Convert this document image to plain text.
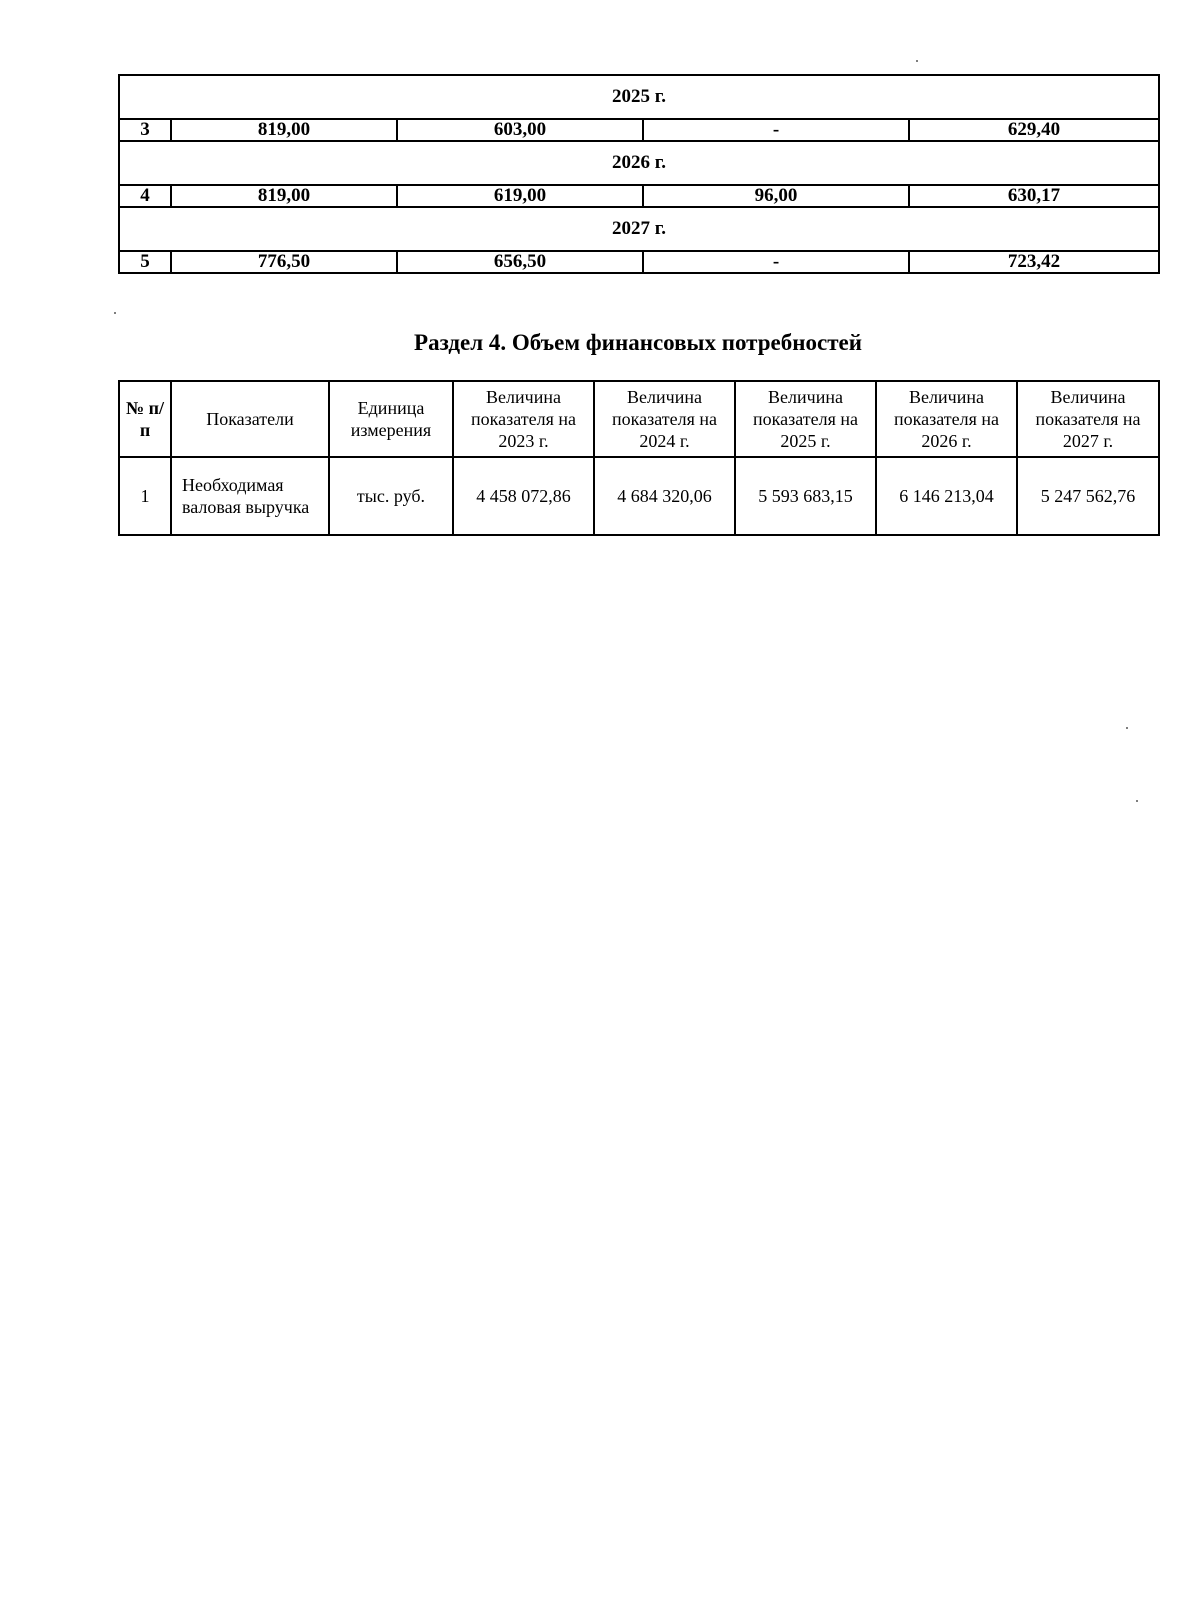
2025 г.				
3	819,00	603,00	-	629,40
2026 г.				
4	819,00	619,00	96,00	630,17
2027 г.				
5	776,50	656,50	-	723,42
Раздел 4. Объем финансовых потребностей
№ п/п	Показатели	Единица измерения	Величина показателя на 2023 г.	Величина показателя на 2024 г.	Величина показателя на 2025 г.	Величина показателя на 2026 г.	Величина показателя на 2027 г.
1	Необходимая валовая выручка	тыс. руб.	4 458 072,86	4 684 320,06	5 593 683,15	6 146 213,04	5 247 562,76
